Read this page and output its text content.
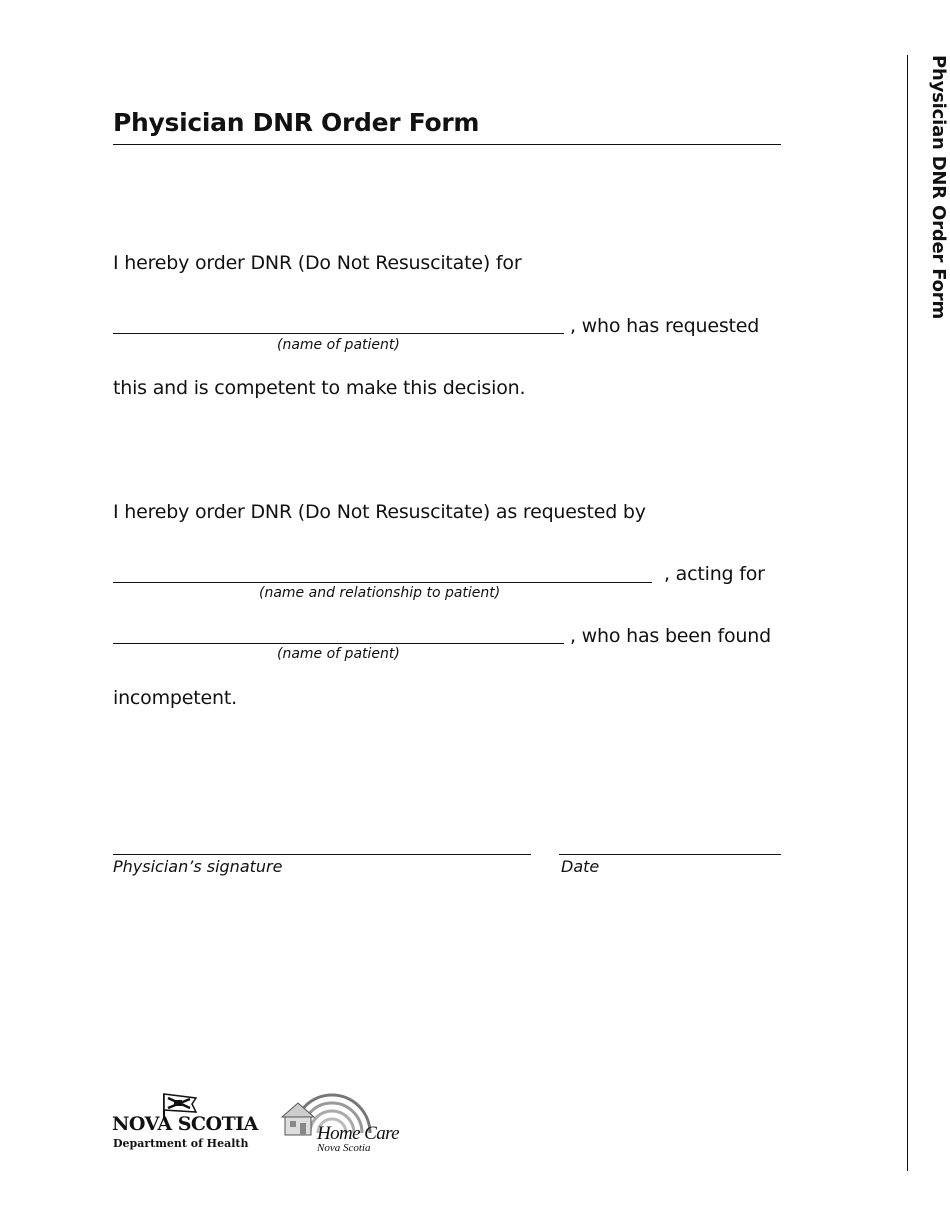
Physician DNR Order Form	Physician DNR Order Form
I hereby order DNR (Do Not Resuscitate) for
, who has requested
(name of patient)
this and is competent to make this decision.
I hereby order DNR (Do Not Resuscitate) as requested by
, acting for
(name and relationship to patient)
, who has been found
(name of patient)
incompetent.
Physician’s signature	Date
NOVA SCOTIA
Department of Health	Home Care
Nova Scotia
